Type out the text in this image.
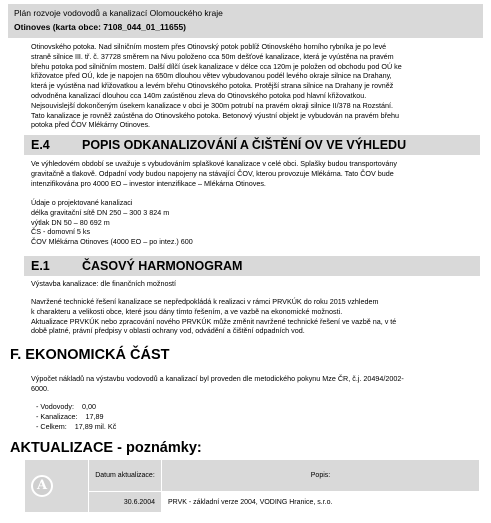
Plán rozvoje vodovodů a kanalizací Olomouckého kraje
Otinoves (karta obce: 7108_044_01_11655)
Otinovského potoka. Nad silničním mostem přes Otinovský potok poblíž Otinovského horního rybníka je po levé
straně silnice III. tř. č. 37728 směrem na Nivu položeno cca 50m dešťové kanalizace, která je vyústěna na pravém
břehu potoka pod silničním mostem. Další dílčí úsek kanalizace v délce cca 120m je položen od obchodu pod OÚ ke
křižovatce před OÚ, kde je napojen na 650m dlouhou větev vybudovanou podél levého okraje silnice na Drahany,
která je vyústěna nad křižovatkou a levém břehu Otinovského potoka. Protější strana silnice na Drahany je rovněž
odvodněna kanalizací dlouhou cca 140m zaústěnou zleva do Otinovského potoka pod hlavní křižovatkou.
Nejsouvislejší dokončeným úsekem kanalizace v obci je 300m potrubí na pravém okraji silnice II/378 na Rozstání.
Tato kanalizace je rovněž zaústěna do Otinovského potoka. Betonový výustní objekt je vybudován na pravém břehu
potoka před ČOV Mlékárny Otinoves.
E.4	POPIS ODKANALIZOVÁNÍ A ČIŠTĚNÍ OV VE VÝHLEDU
Ve výhledovém období se uvažuje s vybudováním splaškové kanalizace v celé obci. Splašky budou transportovány
gravitačně a tlakově. Odpadní vody budou napojeny na stávající ČOV, kterou provozuje Mlékárna. Tato ČOV bude
intenzifikována pro 4000 EO – investor intenzifikace – Mlékárna Otinoves.
Údaje o projektované kanalizaci
délka gravitační sítě DN 250 – 300 3 824 m
výtlak DN 50 – 80 692 m
ČS - domovní 5 ks
ČOV Mlékárna Otinoves (4000 EO – po intez.) 600
E.1	ČASOVÝ HARMONOGRAM
Výstavba kanalizace: dle finančních možností
Navržené technické řešení kanalizace se nepředpokládá k realizaci v rámci PRVKÚK do roku 2015 vzhledem
k charakteru a velikosti obce, které jsou dány tímto řešením, a ve vazbě na ekonomické možnosti.
Aktualizace PRVKÚK nebo zpracování nového PRVKÚK může změnit navržené technické řešení ve vazbě na, v té
době platné, právní předpisy v oblasti ochrany vod, odvádění a čištění odpadních vod.
F. EKONOMICKÁ ČÁST
Výpočet nákladů na výstavbu vodovodů a kanalizací byl proveden dle metodického pokynu Mze ČR, č.j. 20494/2002-
6000.
- Vodovody:    0,00
- Kanalizace:    17,89
- Celkem:    17,89 mil. Kč
AKTUALIZACE - poznámky:
A	Datum aktualizace:	Popis:
	30.6.2004	PRVK - základní verze 2004, VODING Hranice, s.r.o.
